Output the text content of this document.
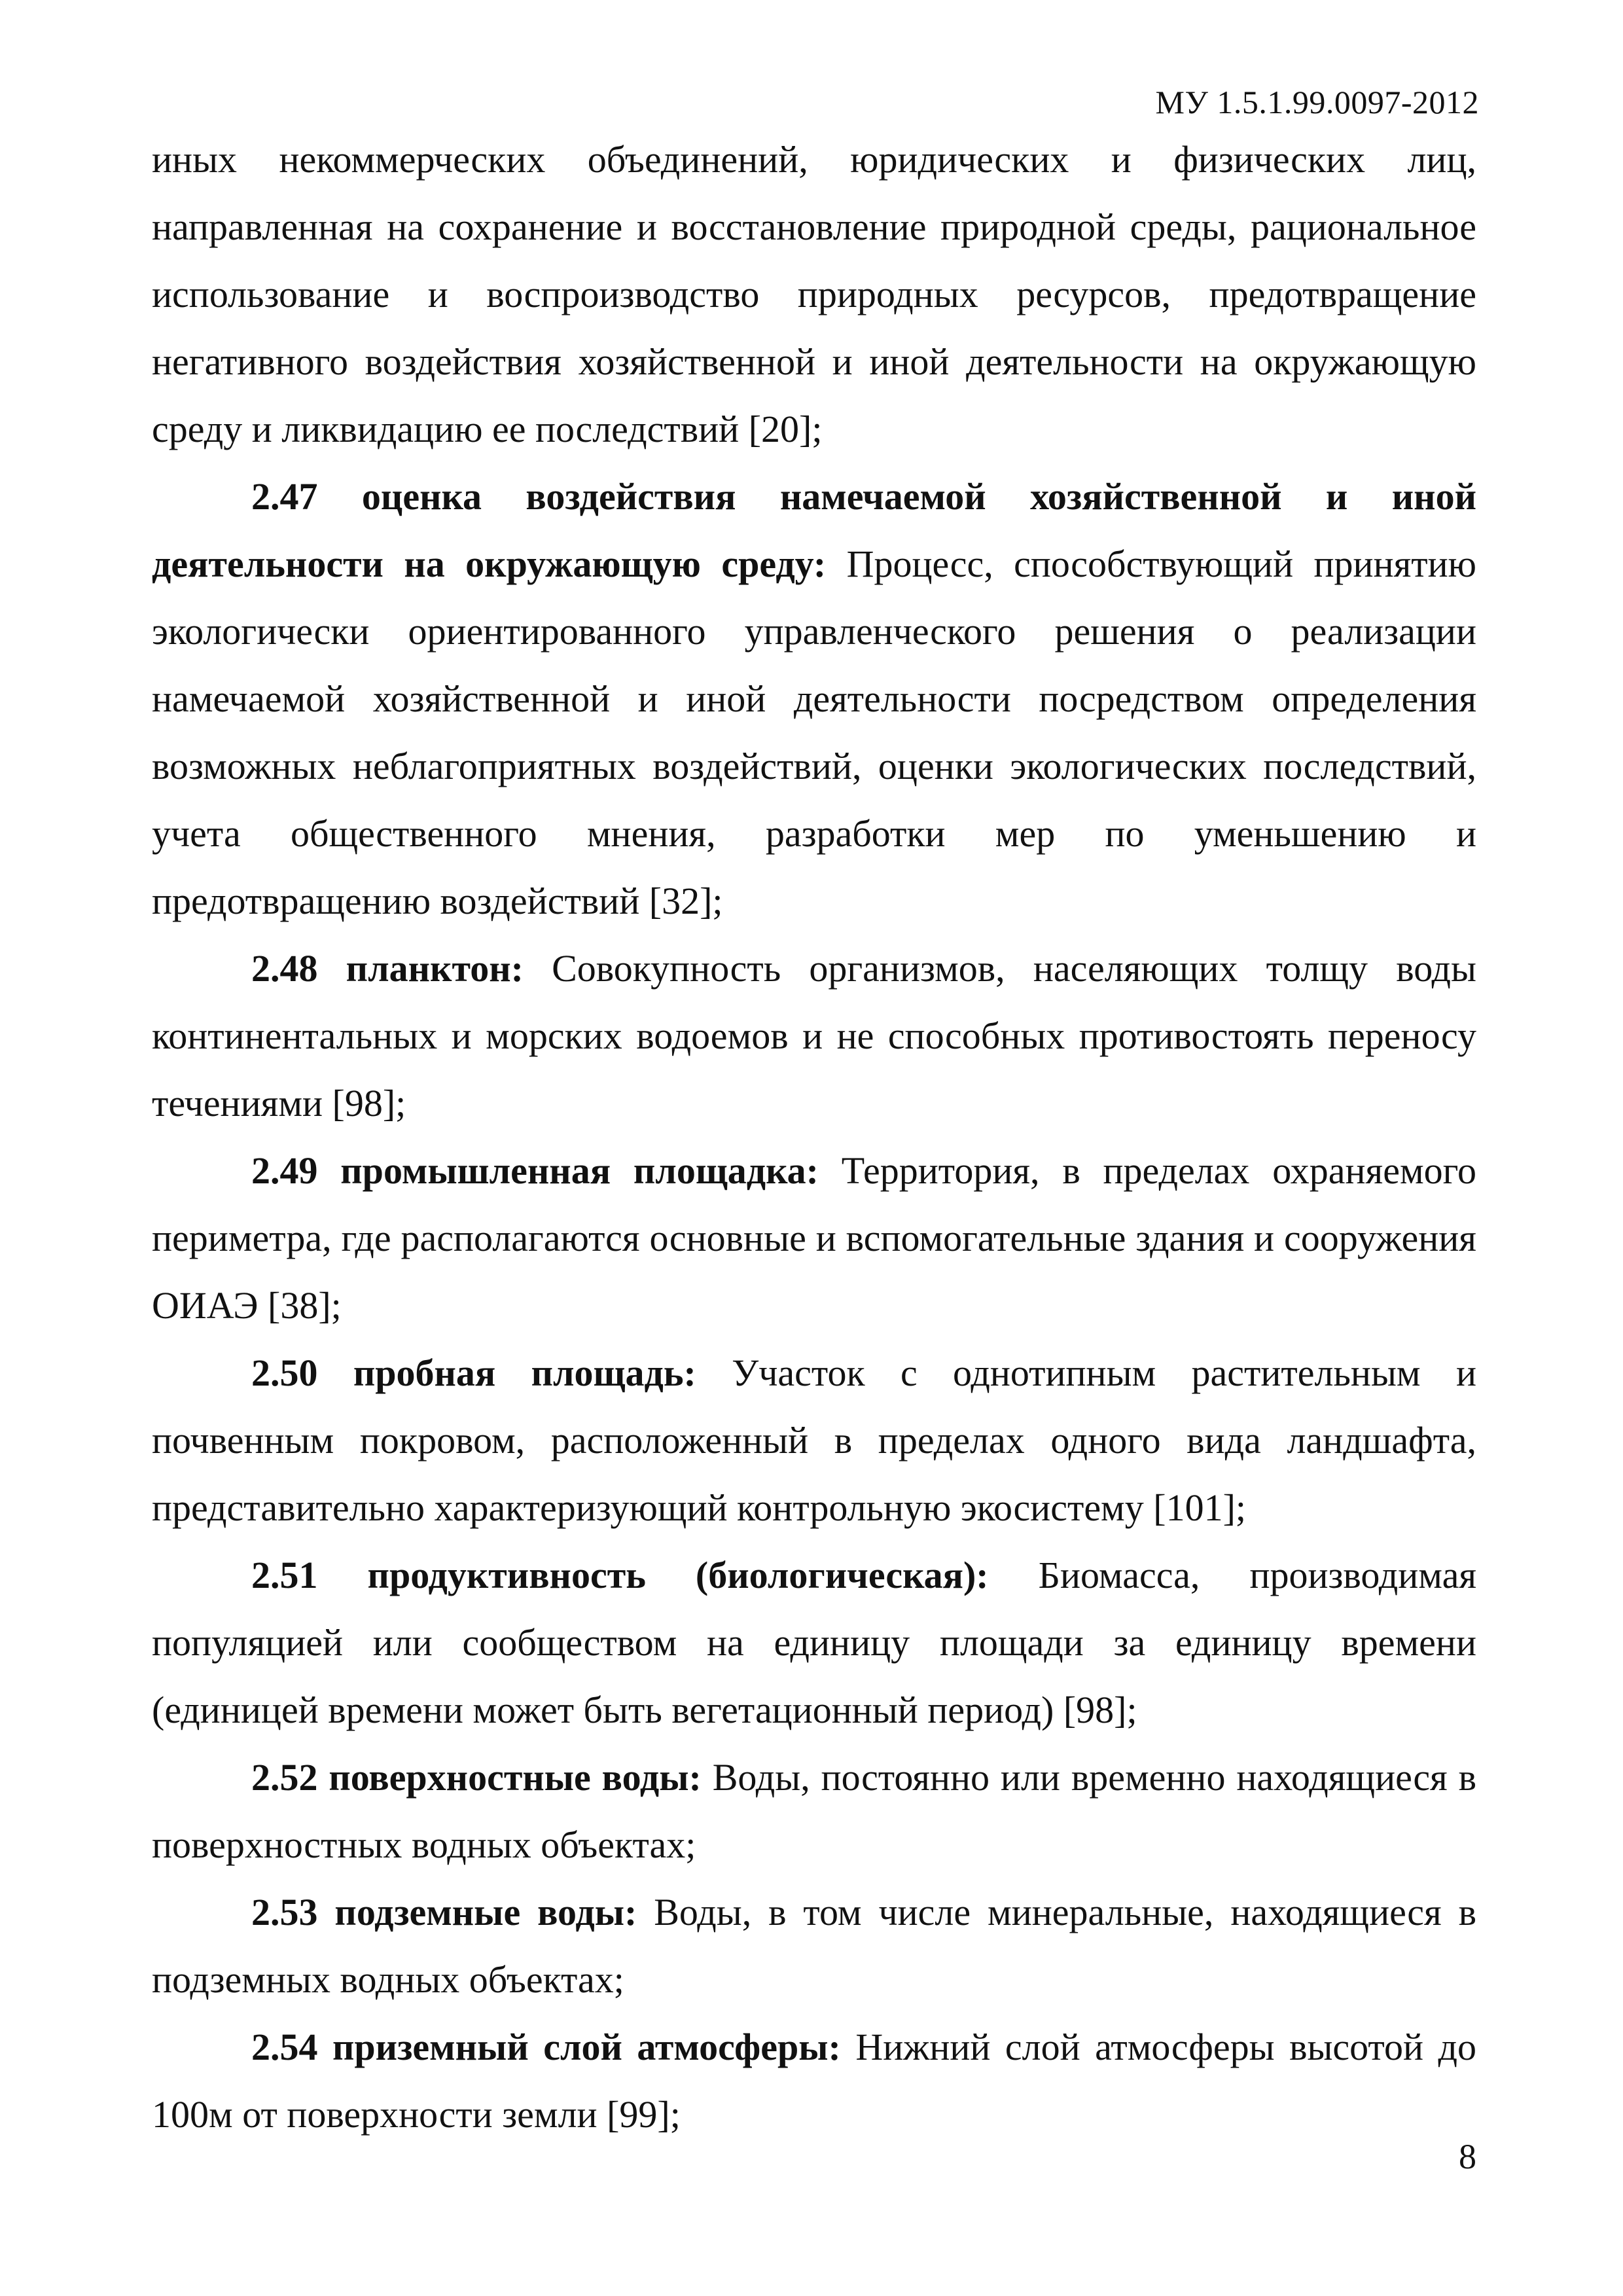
МУ 1.5.1.99.0097-2012

иных некоммерческих объединений, юридических и физических лиц, направленная на сохранение и восстановление природной среды, рациональное использование и воспроизводство природных ресурсов, предотвращение негативного воздействия хозяйственной и иной деятельности на окружающую среду и ликвидацию ее последствий [20];

2.47 оценка воздействия намечаемой хозяйственной и иной деятельности на окружающую среду: Процесс, способствующий принятию экологически ориентированного управленческого решения о реализации намечаемой хозяйственной и иной деятельности посредством определения возможных неблагоприятных воздействий, оценки экологических последствий, учета общественного мнения, разработки мер по уменьшению и предотвращению воздействий [32];

2.48 планктон: Совокупность организмов, населяющих толщу воды континентальных и морских водоемов и не способных противостоять переносу течениями [98];

2.49 промышленная площадка: Территория, в пределах охраняемого периметра, где располагаются основные и вспомогательные здания и сооружения ОИАЭ [38];

2.50 пробная площадь: Участок с однотипным растительным и почвенным покровом, расположенный в пределах одного вида ландшафта, представительно характеризующий контрольную экосистему [101];

2.51 продуктивность (биологическая): Биомасса, производимая популяцией или сообществом на единицу площади за единицу времени (единицей времени может быть вегетационный период) [98];

2.52 поверхностные воды: Воды, постоянно или временно находящиеся в поверхностных водных объектах;

2.53 подземные воды: Воды, в том числе минеральные, находящиеся в подземных водных объектах;

2.54 приземный слой атмосферы: Нижний слой атмосферы высотой до 100м от поверхности земли [99];

8
